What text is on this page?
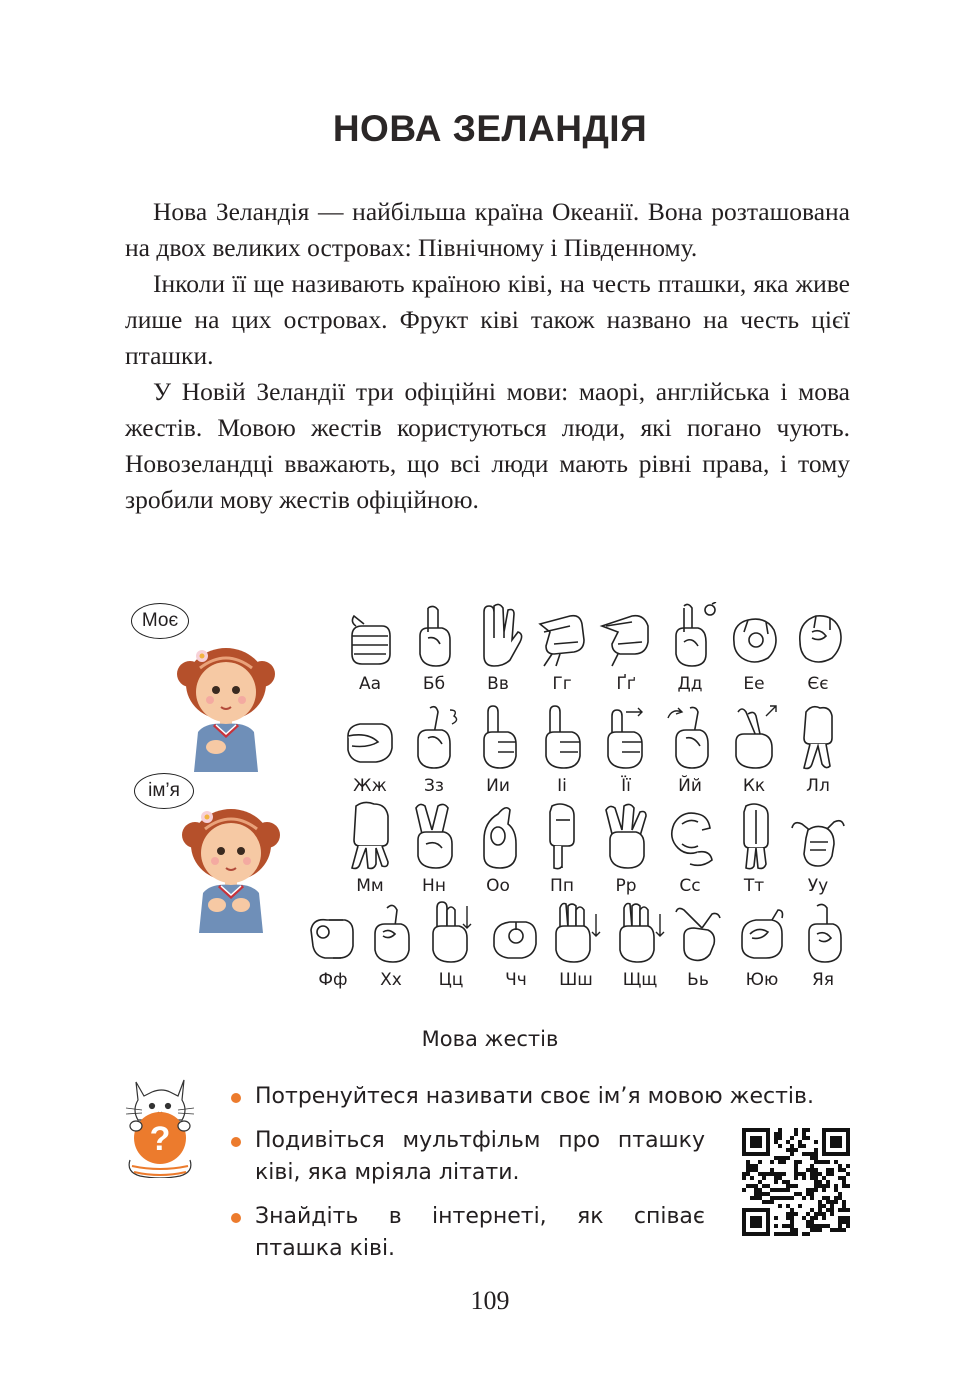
НОВА ЗЕЛАНДІЯ

Нова Зеландія — найбільша країна Океанії. Вона розташована на двох великих островах: Північному і Південному.

Інколи її ще називають країною ківі, на честь пташки, яка живе лише на цих островах. Фрукт ківі також названо на честь цієї пташки.

У Новій Зеландії три офіційні мови: маорі, англійська і мова жестів. Мовою жестів користуються люди, які погано чують. Новозеландці вважають, що всі люди мають рівні права, і тому зробили мову жестів офіційною.

Моє
ім’я
Аа	Бб	Вв	Гг	Ґґ	Дд	Ее	Єє
Жж	Зз	Ии	Іі	Її	Йй	Кк	Лл
Мм	Нн	Оо	Пп	Рр	Сс	Тт	Уу
Фф	Хх	Цц	Чч	Шш	Щщ	Ьь	Юю	Яя
Мова жестів
?
Потренуйтеся називати своє ім’я мовою жестів.
Подивіться мультфільм про пташку ківі, яка мріяла літати.
Знайдіть в інтернеті, як співає пташка ківі.
109
